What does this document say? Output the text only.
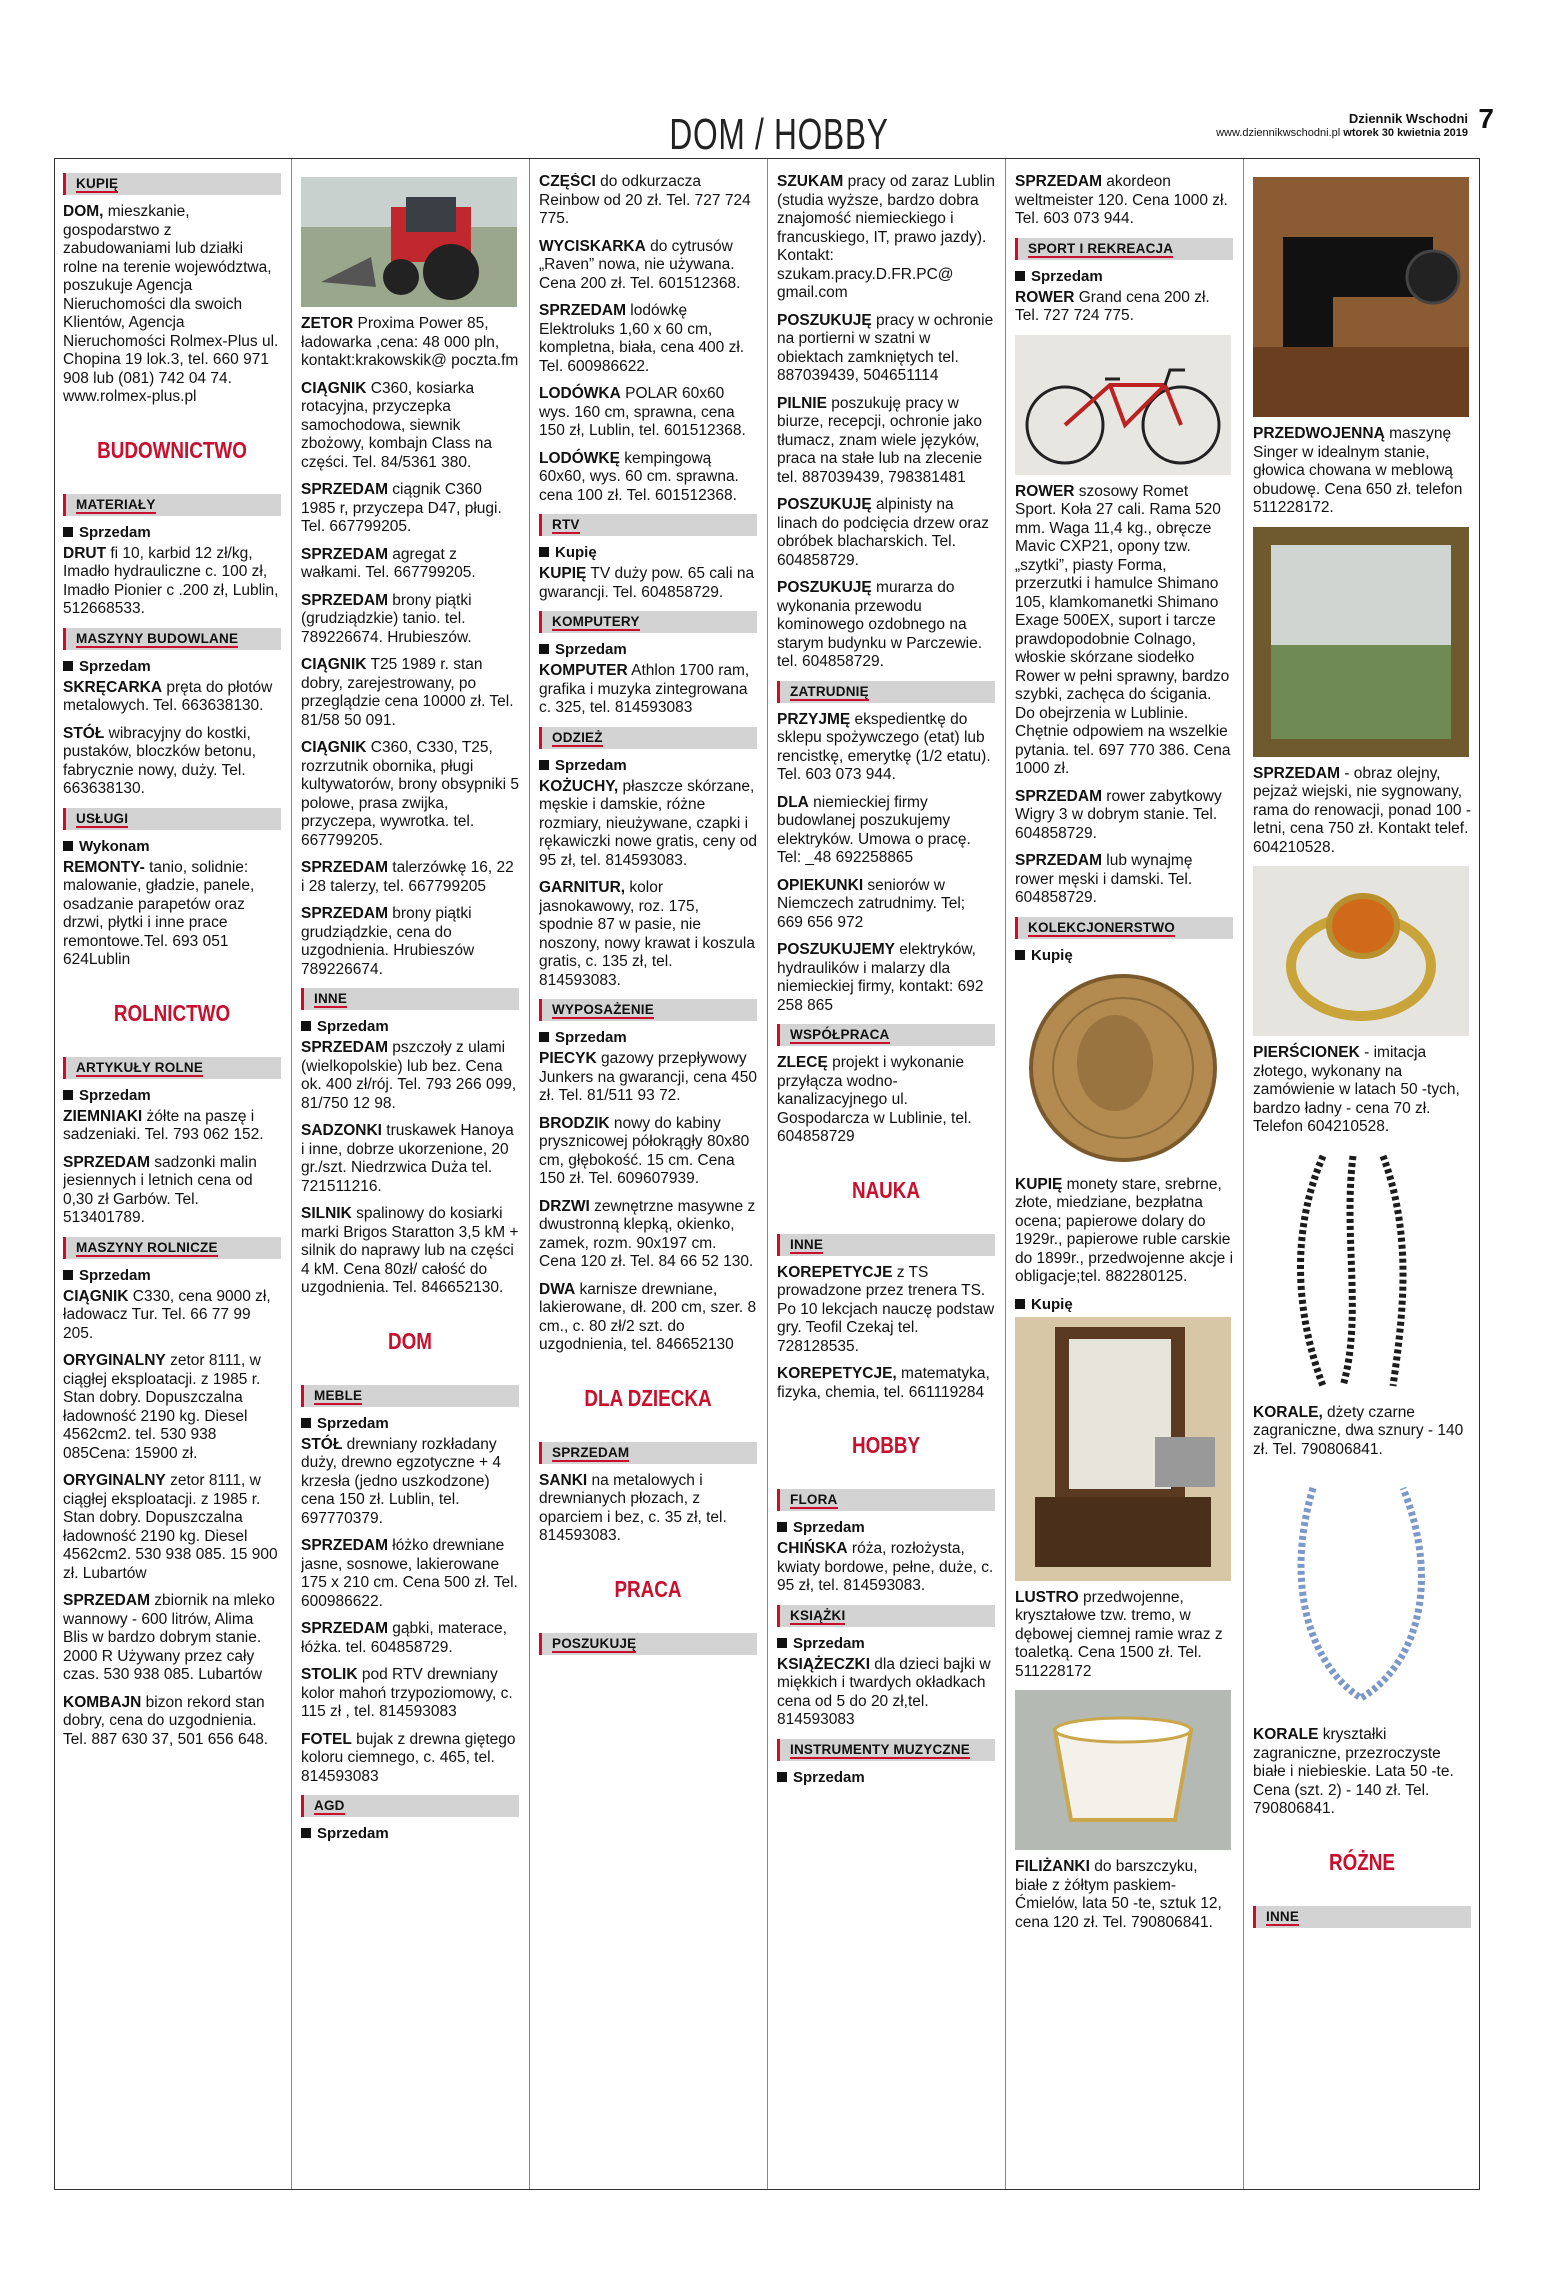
DOM / HOBBY	Dziennik Wschodni
www.dziennikwschodni.pl wtorek 30 kwietnia 2019 7
KUPIĘ

DOM, mieszkanie, gospodarstwo z zabudowaniami lub działki rolne na terenie województwa, poszukuje Agencja Nieruchomości dla swoich Klientów, Agencja Nieruchomości Rolmex-Plus ul. Chopina 19 lok.3, tel. 660 971 908 lub (081) 742 04 74. www.rolmex-plus.pl

BUDOWNICTWO
MATERIAŁY
Sprzedam

DRUT fi 10, karbid 12 zł/kg, Imadło hydrauliczne c. 100 zł, Imadło Pionier c .200 zł, Lublin, 512668533.

MASZYNY BUDOWLANE
Sprzedam

SKRĘCARKA pręta do płotów metalowych. Tel. 663638130.

STÓŁ wibracyjny do kostki, pustaków, bloczków betonu, fabrycznie nowy, duży. Tel. 663638130.

USŁUGI
Wykonam

REMONTY- tanio, solidnie: malowanie, gładzie, panele, osadzanie parapetów oraz drzwi, płytki i inne prace remontowe.Tel. 693 051 624Lublin

ROLNICTWO
ARTYKUŁY ROLNE
Sprzedam

ZIEMNIAKI żółte na paszę i sadzeniaki. Tel. 793 062 152.

SPRZEDAM sadzonki malin jesiennych i letnich cena od 0,30 zł Garbów. Tel. 513401789.

MASZYNY ROLNICZE
Sprzedam

CIĄGNIK C330, cena 9000 zł, ładowacz Tur. Tel. 66 77 99 205.

ORYGINALNY zetor 8111, w ciągłej eksploatacji. z 1985 r. Stan dobry. Dopuszczalna ładowność 2190 kg. Diesel 4562cm2. tel. 530 938 085Cena: 15900 zł.

ORYGINALNY zetor 8111, w ciągłej eksploatacji. z 1985 r. Stan dobry. Dopuszczalna ładowność 2190 kg. Diesel 4562cm2. 530 938 085. 15 900 zł. Lubartów

SPRZEDAM zbiornik na mleko wannowy - 600 litrów, Alima Blis w bardzo dobrym stanie. 2000 R Używany przez cały czas. 530 938 085. Lubartów

KOMBAJN bizon rekord stan dobry, cena do uzgodnienia. Tel. 887 630 37, 501 656 648.

ZETOR Proxima Power 85, ładowarka ,cena: 48 000 pln, kontakt:krakowskik@ poczta.fm

CIĄGNIK C360, kosiarka rotacyjna, przyczepka samochodowa, siewnik zbożowy, kombajn Class na części. Tel. 84/5361 380.

SPRZEDAM ciągnik C360 1985 r, przyczepa D47, pługi. Tel. 667799205.

SPRZEDAM agregat z wałkami. Tel. 667799205.

SPRZEDAM brony piątki (grudziądzkie) tanio. tel. 789226674. Hrubieszów.

CIĄGNIK T25 1989 r. stan dobry, zarejestrowany, po przeglądzie cena 10000 zł. Tel. 81/58 50 091.

CIĄGNIK C360, C330, T25, rozrzutnik obornika, pługi kultywatorów, brony obsypniki 5 polowe, prasa zwijka, przyczepa, wywrotka. tel. 667799205.

SPRZEDAM talerzówkę 16, 22 i 28 talerzy, tel. 667799205

SPRZEDAM brony piątki grudziądzkie, cena do uzgodnienia. Hrubieszów 789226674.

INNE
Sprzedam

SPRZEDAM pszczoły z ulami (wielkopolskie) lub bez. Cena ok. 400 zł/rój. Tel. 793 266 099, 81/750 12 98.

SADZONKI truskawek Hanoya i inne, dobrze ukorzenione, 20 gr./szt. Niedrzwica Duża tel. 721511216.

SILNIK spalinowy do kosiarki marki Brigos Staratton 3,5 kM + silnik do naprawy lub na części 4 kM. Cena 80zł/ całość do uzgodnienia. Tel. 846652130.

DOM
MEBLE
Sprzedam

STÓŁ drewniany rozkładany duży, drewno egzotyczne + 4 krzesła (jedno uszkodzone) cena 150 zł. Lublin, tel. 697770379.

SPRZEDAM łóżko drewniane jasne, sosnowe, lakierowane 175 x 210 cm. Cena 500 zł. Tel. 600986622.

SPRZEDAM gąbki, materace, łóżka. tel. 604858729.

STOLIK pod RTV drewniany kolor mahoń trzypoziomowy, c. 115 zł , tel. 814593083

FOTEL bujak z drewna giętego koloru ciemnego, c. 465, tel. 814593083

AGD
Sprzedam

CZĘŚCI do odkurzacza Reinbow od 20 zł. Tel. 727 724 775.

WYCISKARKA do cytrusów „Raven” nowa, nie używana. Cena 200 zł. Tel. 601512368.

SPRZEDAM lodówkę Elektroluks 1,60 x 60 cm, kompletna, biała, cena 400 zł. Tel. 600986622.

LODÓWKA POLAR 60x60 wys. 160 cm, sprawna, cena 150 zł, Lublin, tel. 601512368.

LODÓWKĘ kempingową 60x60, wys. 60 cm. sprawna. cena 100 zł. Tel. 601512368.

RTV
Kupię

KUPIĘ TV duży pow. 65 cali na gwarancji. Tel. 604858729.

KOMPUTERY
Sprzedam

KOMPUTER Athlon 1700 ram, grafika i muzyka zintegrowana c. 325, tel. 814593083

ODZIEŻ
Sprzedam

KOŻUCHY, płaszcze skórzane, męskie i damskie, różne rozmiary, nieużywane, czapki i rękawiczki nowe gratis, ceny od 95 zł, tel. 814593083.

GARNITUR, kolor jasnokawowy, roz. 175, spodnie 87 w pasie, nie noszony, nowy krawat i koszula gratis, c. 135 zł, tel. 814593083.

WYPOSAŻENIE
Sprzedam

PIECYK gazowy przepływowy Junkers na gwarancji, cena 450 zł. Tel. 81/511 93 72.

BRODZIK nowy do kabiny prysznicowej półokrągły 80x80 cm, głębokość. 15 cm. Cena 150 zł. Tel. 609607939.

DRZWI zewnętrzne masywne z dwustronną klepką, okienko, zamek, rozm. 90x197 cm. Cena 120 zł. Tel. 84 66 52 130.

DWA karnisze drewniane, lakierowane, dł. 200 cm, szer. 8 cm., c. 80 zł/2 szt. do uzgodnienia, tel. 846652130

DLA DZIECKA
SPRZEDAM

SANKI na metalowych i drewnianych płozach, z oparciem i bez, c. 35 zł, tel. 814593083.

PRACA
POSZUKUJĘ

SZUKAM pracy od zaraz Lublin (studia wyższe, bardzo dobra znajomość niemieckiego i francuskiego, IT, prawo jazdy). Kontakt: szukam.pracy.D.FR.PC@ gmail.com

POSZUKUJĘ pracy w ochronie na portierni w szatni w obiektach zamkniętych tel. 887039439, 504651114

PILNIE poszukuję pracy w biurze, recepcji, ochronie jako tłumacz, znam wiele języków, praca na stałe lub na zlecenie tel. 887039439, 798381481

POSZUKUJĘ alpinisty na linach do podcięcia drzew oraz obróbek blacharskich. Tel. 604858729.

POSZUKUJĘ murarza do wykonania przewodu kominowego ozdobnego na starym budynku w Parczewie. tel. 604858729.

ZATRUDNIĘ

PRZYJMĘ ekspedientkę do sklepu spożywczego (etat) lub rencistkę, emerytkę (1/2 etatu). Tel. 603 073 944.

DLA niemieckiej firmy budowlanej poszukujemy elektryków. Umowa o pracę. Tel: _48 692258865

OPIEKUNKI seniorów w Niemczech zatrudnimy. Tel; 669 656 972

POSZUKUJEMY elektryków, hydraulików i malarzy dla niemieckiej firmy, kontakt: 692 258 865

WSPÓŁPRACA

ZLECĘ projekt i wykonanie przyłącza wodno-kanalizacyjnego ul. Gospodarcza w Lublinie, tel. 604858729

NAUKA
INNE

KOREPETYCJE z TS prowadzone przez trenera TS. Po 10 lekcjach nauczę podstaw gry. Teofil Czekaj tel. 728128535.

KOREPETYCJE, matematyka, fizyka, chemia, tel. 661119284

HOBBY
FLORA
Sprzedam

CHIŃSKA róża, rozłożysta, kwiaty bordowe, pełne, duże, c. 95 zł, tel. 814593083.

KSIĄŻKI
Sprzedam

KSIĄŻECZKI dla dzieci bajki w miękkich i twardych okładkach cena od 5 do 20 zł,tel. 814593083

INSTRUMENTY MUZYCZNE
Sprzedam

SPRZEDAM akordeon weltmeister 120. Cena 1000 zł. Tel. 603 073 944.

SPORT I REKREACJA
Sprzedam

ROWER Grand cena 200 zł. Tel. 727 724 775.

ROWER szosowy Romet Sport. Koła 27 cali. Rama 520 mm. Waga 11,4 kg., obręcze Mavic CXP21, opony tzw. „szytki”, piasty Forma, przerzutki i hamulce Shimano 105, klamkomanetki Shimano Exage 500EX, suport i tarcze prawdopodobnie Colnago, włoskie skórzane siodełko Rower w pełni sprawny, bardzo szybki, zachęca do ścigania. Do obejrzenia w Lublinie. Chętnie odpowiem na wszelkie pytania. tel. 697 770 386. Cena 1000 zł.

SPRZEDAM rower zabytkowy Wigry 3 w dobrym stanie. Tel. 604858729.

SPRZEDAM lub wynajmę rower męski i damski. Tel. 604858729.

KOLEKCJONERSTWO
Kupię

KUPIĘ monety stare, srebrne, złote, miedziane, bezpłatna ocena; papierowe dolary do 1929r., papierowe ruble carskie do 1899r., przedwojenne akcje i obligacje;tel. 882280125.

Kupię

LUSTRO przedwojenne, kryształowe tzw. tremo, w dębowej ciemnej ramie wraz z toaletką. Cena 1500 zł. Tel. 511228172

FILIŻANKI do barszczyku, białe z żółtym paskiem- Ćmielów, lata 50 -te, sztuk 12, cena 120 zł. Tel. 790806841.

PRZEDWOJENNĄ maszynę Singer w idealnym stanie, głowica chowana w meblową obudowę. Cena 650 zł. telefon 511228172.

SPRZEDAM - obraz olejny, pejzaż wiejski, nie sygnowany, rama do renowacji, ponad 100 - letni, cena 750 zł. Kontakt telef. 604210528.

PIERŚCIONEK - imitacja złotego, wykonany na zamówienie w latach 50 -tych, bardzo ładny - cena 70 zł. Telefon 604210528.

KORALE, dżety czarne zagraniczne, dwa sznury - 140 zł. Tel. 790806841.

KORALE kryształki zagraniczne, przezroczyste białe i niebieskie. Lata 50 -te. Cena (szt. 2) - 140 zł. Tel. 790806841.

RÓŻNE
INNE
